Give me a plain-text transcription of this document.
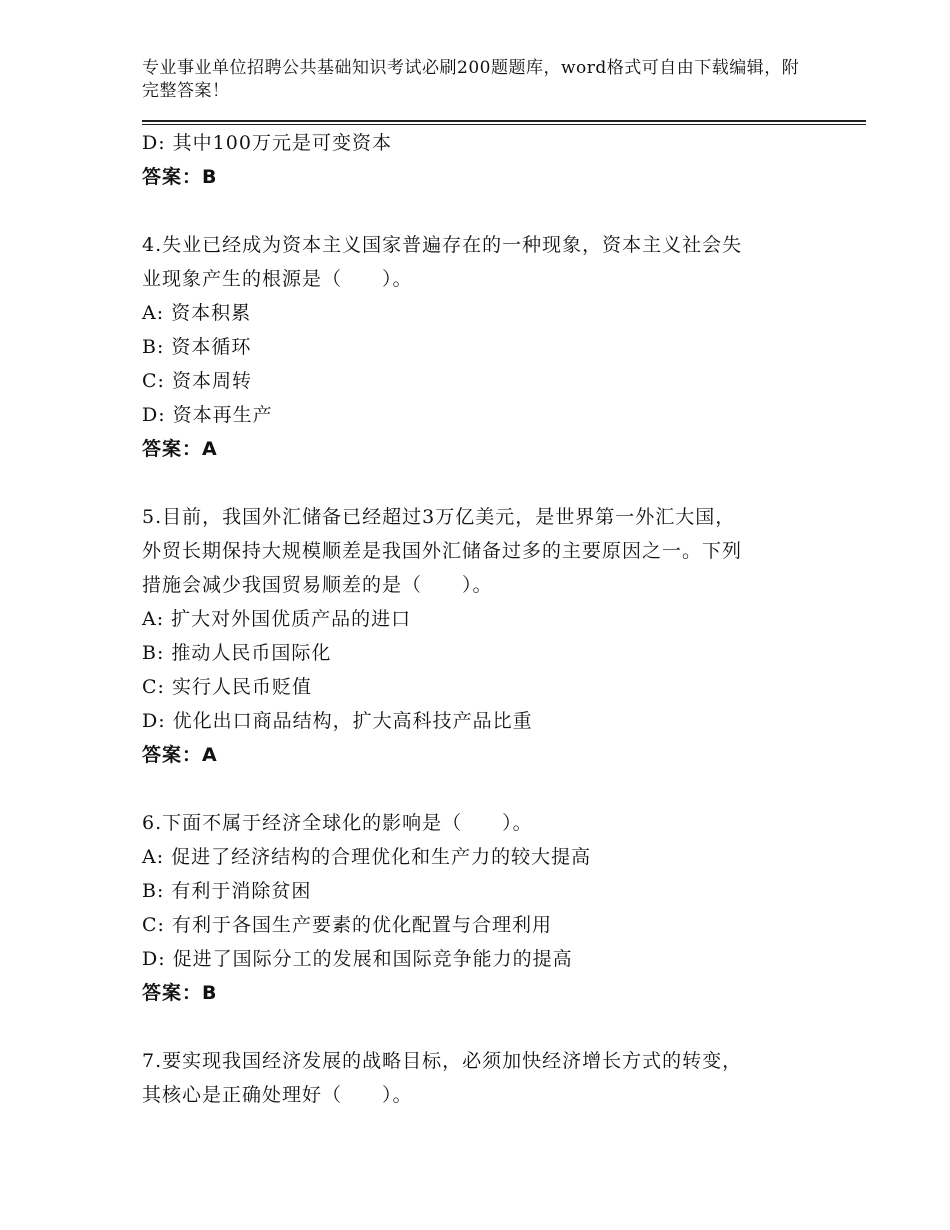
专业事业单位招聘公共基础知识考试必刷200题题库，word格式可自由下载编辑，附完整答案！
D: 其中100万元是可变资本
答案：B
4.失业已经成为资本主义国家普遍存在的一种现象，资本主义社会失
业现象产生的根源是（　　）。
A: 资本积累
B: 资本循环
C: 资本周转
D: 资本再生产
答案：A
5.目前，我国外汇储备已经超过3万亿美元，是世界第一外汇大国，
外贸长期保持大规模顺差是我国外汇储备过多的主要原因之一。下列
措施会减少我国贸易顺差的是（　　）。
A: 扩大对外国优质产品的进口
B: 推动人民币国际化
C: 实行人民币贬值
D: 优化出口商品结构，扩大高科技产品比重
答案：A
6.下面不属于经济全球化的影响是（　　）。
A: 促进了经济结构的合理优化和生产力的较大提高
B: 有利于消除贫困
C: 有利于各国生产要素的优化配置与合理利用
D: 促进了国际分工的发展和国际竞争能力的提高
答案：B
7.要实现我国经济发展的战略目标，必须加快经济增长方式的转变，
其核心是正确处理好（　　）。
